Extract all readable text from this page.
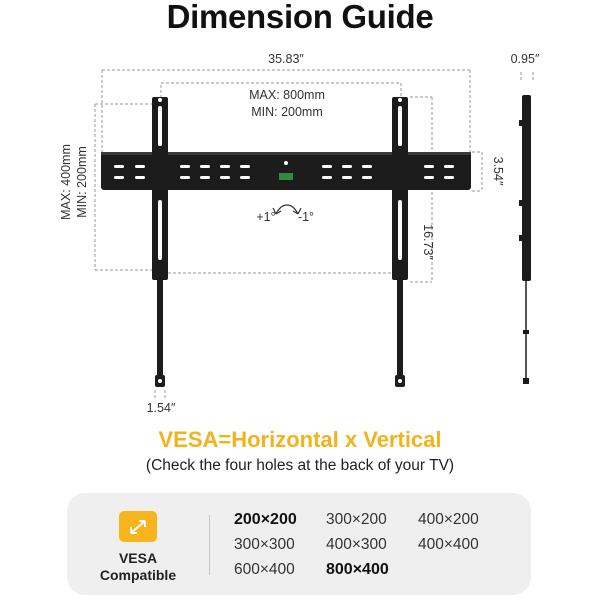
Dimension Guide
35.83″
MAX: 800mm
MIN: 200mm
MAX: 400mm MIN: 200mm	3.54″
16.73″
1.54″
+1° -1°
0.95″
VESA=Horizontal x Vertical
(Check the four holes at the back of your TV)
VESA
Compatible
200×200	300×200	400×200
300×300	400×300	400×400
600×400	800×400
